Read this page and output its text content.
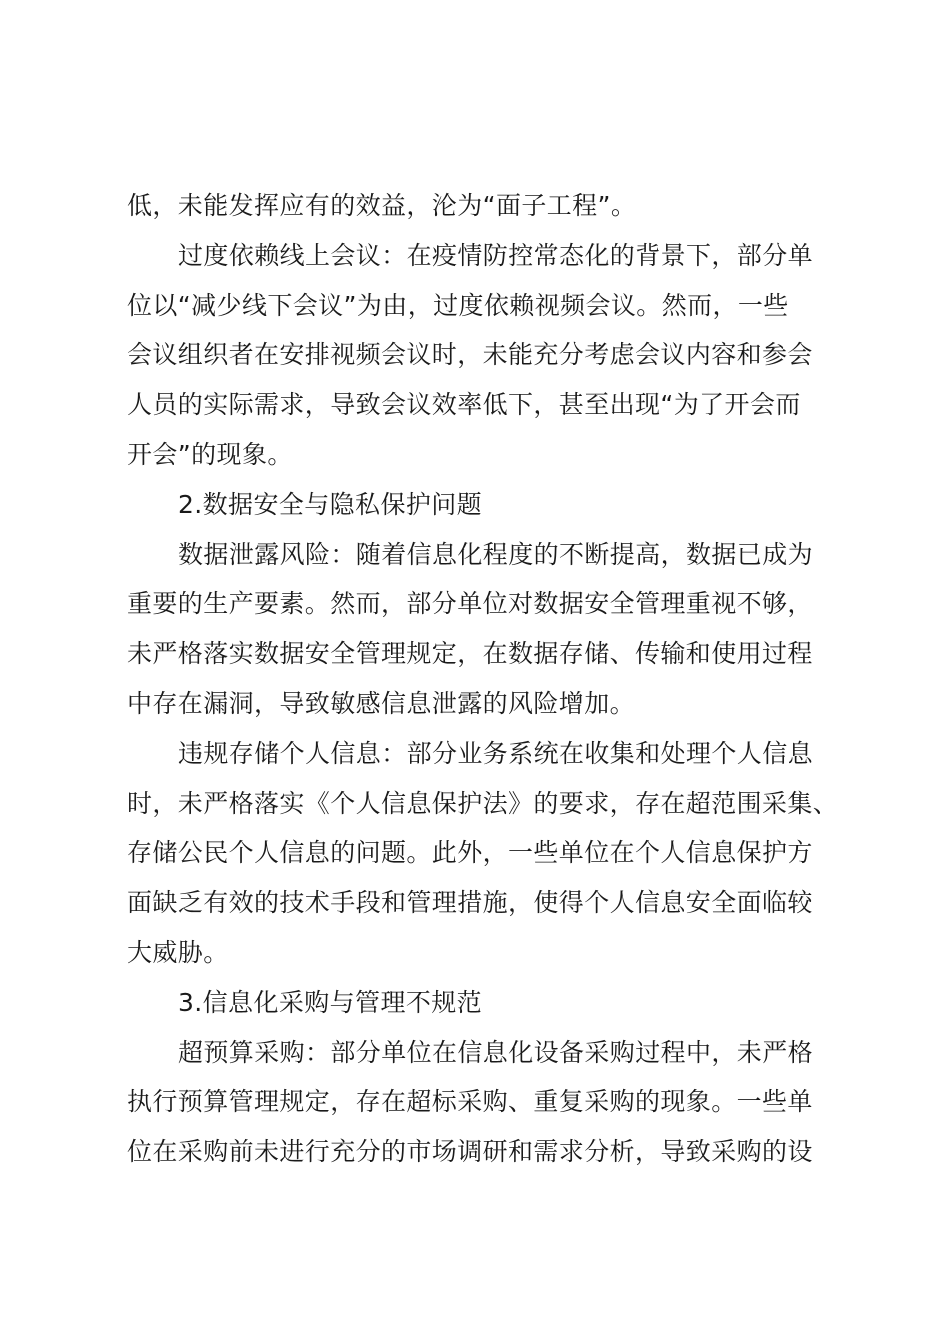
低，未能发挥应有的效益，沦为“面子工程”。
过度依赖线上会议：在疫情防控常态化的背景下，部分单
位以“减少线下会议”为由，过度依赖视频会议。然而，一些
会议组织者在安排视频会议时，未能充分考虑会议内容和参会
人员的实际需求，导致会议效率低下，甚至出现“为了开会而
开会”的现象。
2.数据安全与隐私保护问题
数据泄露风险：随着信息化程度的不断提高，数据已成为
重要的生产要素。然而，部分单位对数据安全管理重视不够，
未严格落实数据安全管理规定，在数据存储、传输和使用过程
中存在漏洞，导致敏感信息泄露的风险增加。
违规存储个人信息：部分业务系统在收集和处理个人信息
时，未严格落实《个人信息保护法》的要求，存在超范围采集、
存储公民个人信息的问题。此外，一些单位在个人信息保护方
面缺乏有效的技术手段和管理措施，使得个人信息安全面临较
大威胁。
3.信息化采购与管理不规范
超预算采购：部分单位在信息化设备采购过程中，未严格
执行预算管理规定，存在超标采购、重复采购的现象。一些单
位在采购前未进行充分的市场调研和需求分析，导致采购的设
